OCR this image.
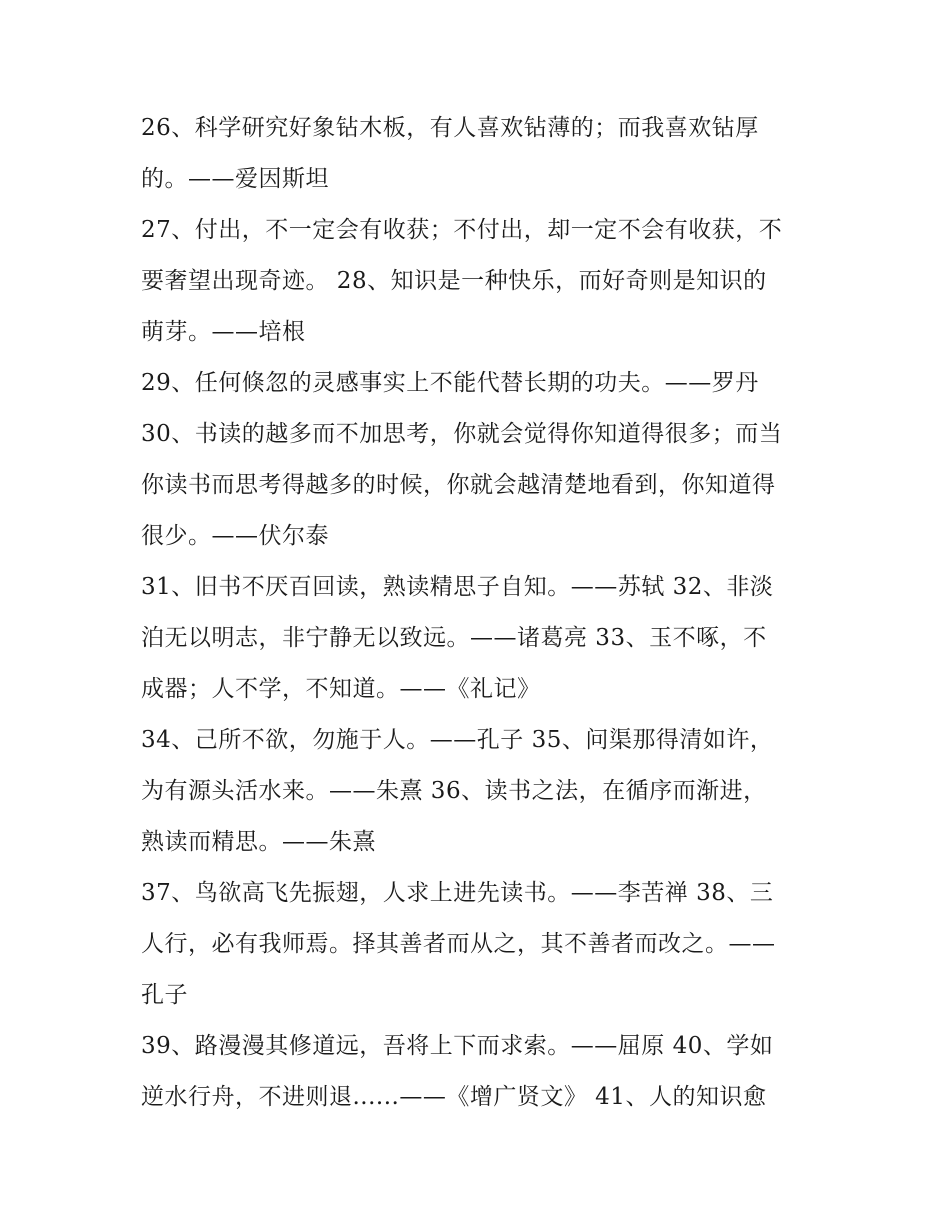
26、科学研究好象钻木板，有人喜欢钻薄的；而我喜欢钻厚
的。——爱因斯坦
27、付出，不一定会有收获；不付出，却一定不会有收获，不
要奢望出现奇迹。 28、知识是一种快乐，而好奇则是知识的
萌芽。——培根
29、任何倏忽的灵感事实上不能代替长期的功夫。——罗丹
30、书读的越多而不加思考，你就会觉得你知道得很多；而当
你读书而思考得越多的时候，你就会越清楚地看到，你知道得
很少。——伏尔泰
31、旧书不厌百回读，熟读精思子自知。——苏轼 32、非淡
泊无以明志，非宁静无以致远。——诸葛亮 33、玉不啄，不
成器；人不学，不知道。——《礼记》
34、己所不欲，勿施于人。——孔子 35、问渠那得清如许，
为有源头活水来。——朱熹 36、读书之法，在循序而渐进，
熟读而精思。——朱熹
37、鸟欲高飞先振翅，人求上进先读书。——李苦禅 38、三
人行，必有我师焉。择其善者而从之，其不善者而改之。——
孔子
39、路漫漫其修道远，吾将上下而求索。——屈原 40、学如
逆水行舟，不进则退......——《增广贤文》 41、人的知识愈
